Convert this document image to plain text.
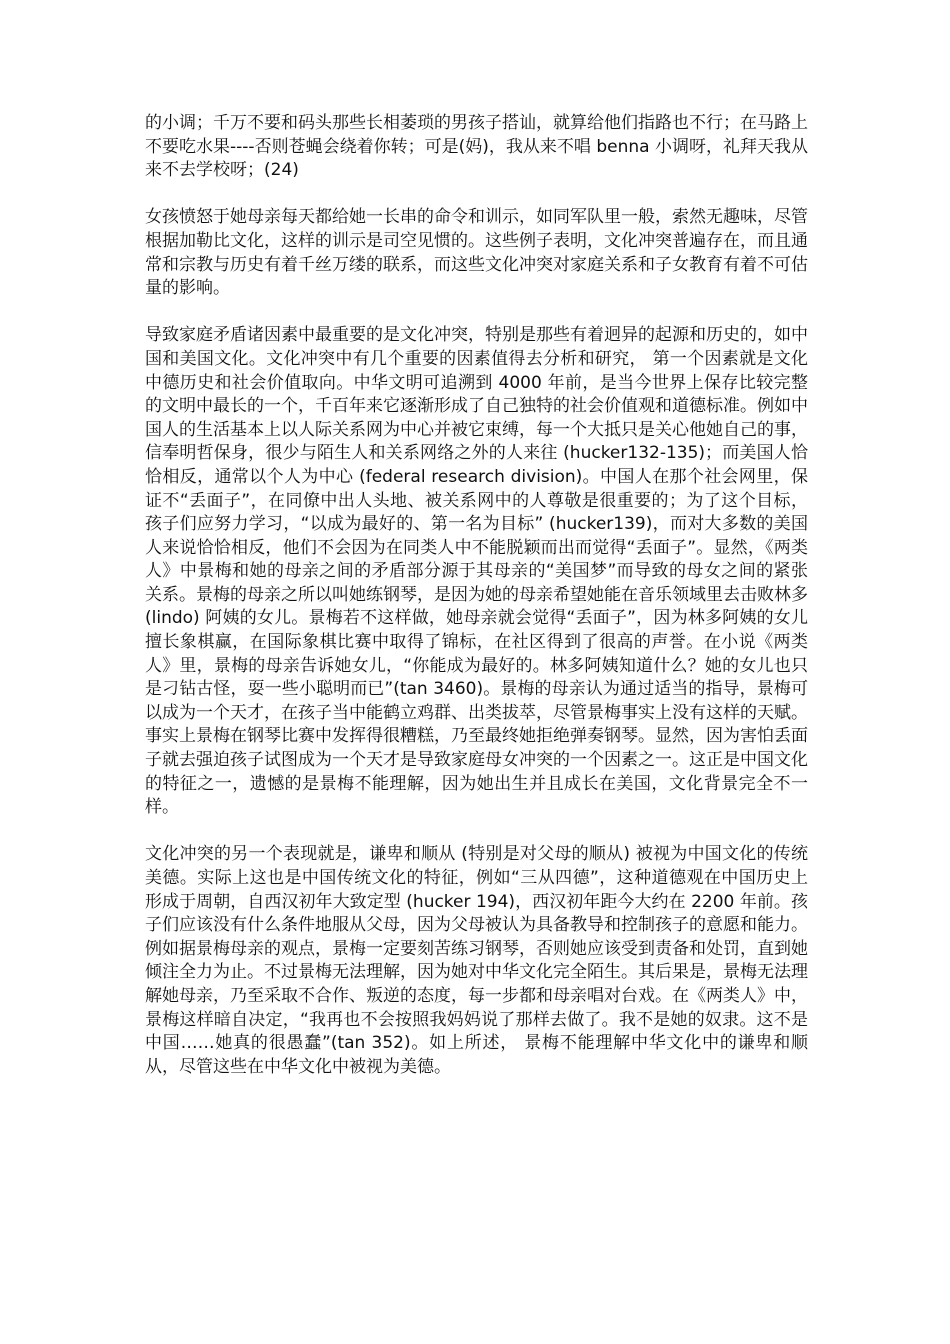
的小调；千万不要和码头那些长相萎琐的男孩子搭讪，就算给他们指路也不行；在马路上不要吃水果----否则苍蝇会绕着你转；可是(妈)，我从来不唱 benna 小调呀，礼拜天我从来不去学校呀；(24)

女孩愤怒于她母亲每天都给她一长串的命令和训示，如同军队里一般，索然无趣味，尽管根据加勒比文化，这样的训示是司空见惯的。这些例子表明，文化冲突普遍存在，而且通常和宗教与历史有着千丝万缕的联系，而这些文化冲突对家庭关系和子女教育有着不可估量的影响。

导致家庭矛盾诸因素中最重要的是文化冲突，特别是那些有着迥异的起源和历史的，如中国和美国文化。文化冲突中有几个重要的因素值得去分析和研究， 第一个因素就是文化中德历史和社会价值取向。中华文明可追溯到 4000 年前，是当今世界上保存比较完整的文明中最长的一个，千百年来它逐渐形成了自己独特的社会价值观和道德标准。例如中国人的生活基本上以人际关系网为中心并被它束缚，每一个大抵只是关心他她自己的事，信奉明哲保身，很少与陌生人和关系网络之外的人来往 (hucker132-135)；而美国人恰恰相反，通常以个人为中心 (federal research division)。中国人在那个社会网里，保证不“丢面子”，在同僚中出人头地、被关系网中的人尊敬是很重要的；为了这个目标，孩子们应努力学习，“以成为最好的、第一名为目标” (hucker139)，而对大多数的美国人来说恰恰相反，他们不会因为在同类人中不能脱颖而出而觉得“丢面子”。显然，《两类人》中景梅和她的母亲之间的矛盾部分源于其母亲的“美国梦”而导致的母女之间的紧张关系。景梅的母亲之所以叫她练钢琴，是因为她的母亲希望她能在音乐领域里去击败林多 (lindo) 阿姨的女儿。景梅若不这样做，她母亲就会觉得“丢面子”，因为林多阿姨的女儿擅长象棋赢，在国际象棋比赛中取得了锦标，在社区得到了很高的声誉。在小说《两类人》里，景梅的母亲告诉她女儿，“你能成为最好的。林多阿姨知道什么？她的女儿也只是刁钻古怪，耍一些小聪明而已”(tan 3460)。景梅的母亲认为通过适当的指导，景梅可以成为一个天才，在孩子当中能鹤立鸡群、出类拔萃，尽管景梅事实上没有这样的天赋。事实上景梅在钢琴比赛中发挥得很糟糕，乃至最终她拒绝弹奏钢琴。显然，因为害怕丢面子就去强迫孩子试图成为一个天才是导致家庭母女冲突的一个因素之一。这正是中国文化的特征之一，遗憾的是景梅不能理解，因为她出生并且成长在美国，文化背景完全不一样。

文化冲突的另一个表现就是，谦卑和顺从 (特别是对父母的顺从) 被视为中国文化的传统美德。实际上这也是中国传统文化的特征，例如“三从四德”，这种道德观在中国历史上形成于周朝，自西汉初年大致定型 (hucker 194)，西汉初年距今大约在 2200 年前。孩子们应该没有什么条件地服从父母，因为父母被认为具备教导和控制孩子的意愿和能力。例如据景梅母亲的观点，景梅一定要刻苦练习钢琴，否则她应该受到责备和处罚，直到她倾注全力为止。不过景梅无法理解，因为她对中华文化完全陌生。其后果是，景梅无法理解她母亲，乃至采取不合作、叛逆的态度，每一步都和母亲唱对台戏。在《两类人》中，景梅这样暗自决定，“我再也不会按照我妈妈说了那样去做了。我不是她的奴隶。这不是中国……她真的很愚蠢”(tan 352)。如上所述， 景梅不能理解中华文化中的谦卑和顺从，尽管这些在中华文化中被视为美德。
